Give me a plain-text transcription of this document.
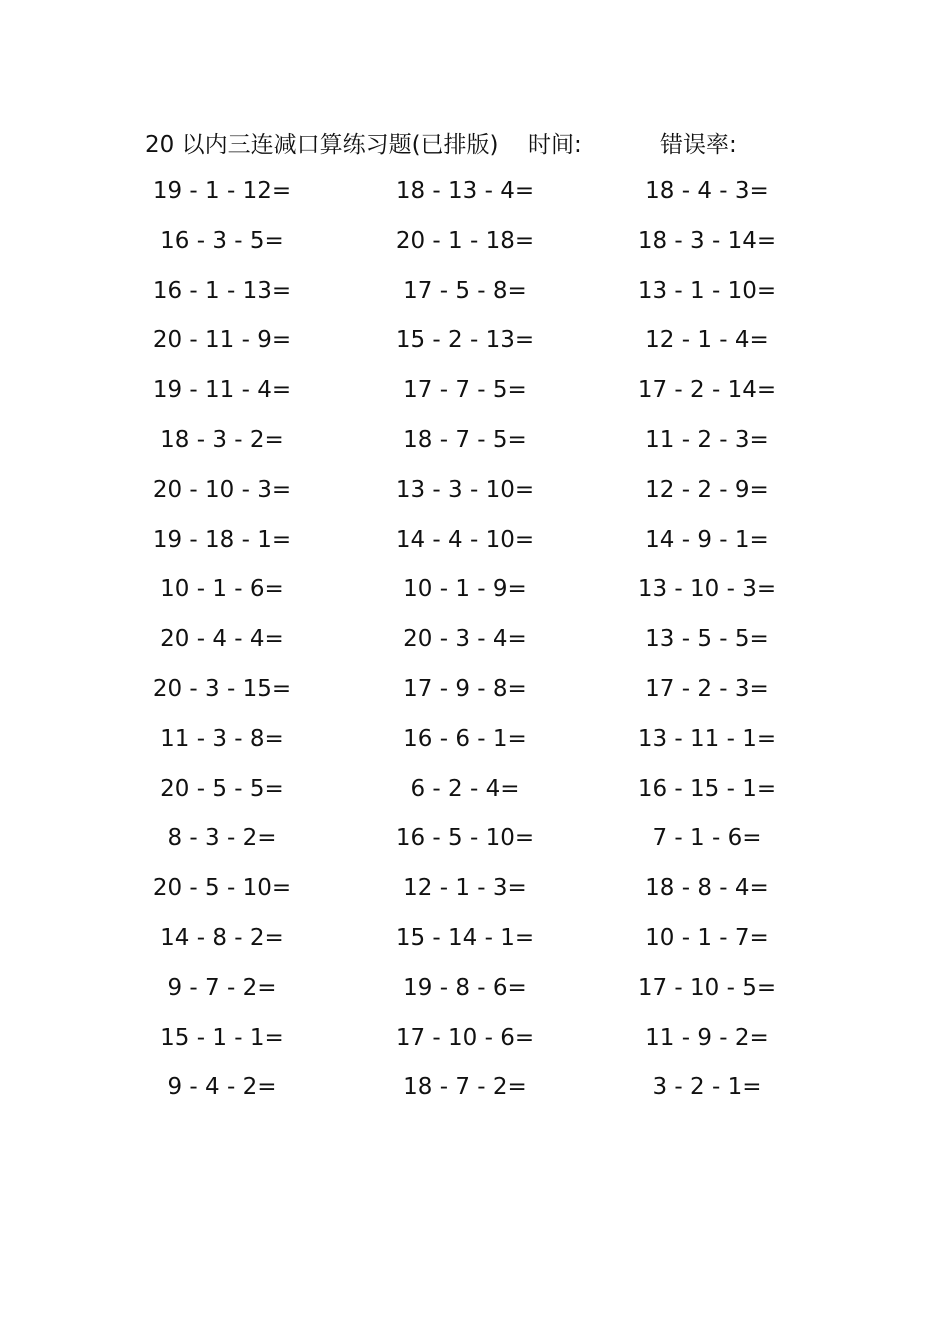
20 以内三连减口算练习题(已排版) 时间:	错误率:
19 - 1 - 12=
16 - 3 - 5=
16 - 1 - 13=
20 - 11 - 9=
19 - 11 - 4=
18 - 3 - 2=
20 - 10 - 3=
19 - 18 - 1=
10 - 1 - 6=
20 - 4 - 4=
20 - 3 - 15=
11 - 3 - 8=
20 - 5 - 5=
8 - 3 - 2=
20 - 5 - 10=
14 - 8 - 2=
9 - 7 - 2=
15 - 1 - 1=
9 - 4 - 2=
18 - 13 - 4=
20 - 1 - 18=
17 - 5 - 8=
15 - 2 - 13=
17 - 7 - 5=
18 - 7 - 5=
13 - 3 - 10=
14 - 4 - 10=
10 - 1 - 9=
20 - 3 - 4=
17 - 9 - 8=
16 - 6 - 1=
6 - 2 - 4=
16 - 5 - 10=
12 - 1 - 3=
15 - 14 - 1=
19 - 8 - 6=
17 - 10 - 6=
18 - 7 - 2=
18 - 4 - 3=
18 - 3 - 14=
13 - 1 - 10=
12 - 1 - 4=
17 - 2 - 14=
11 - 2 - 3=
12 - 2 - 9=
14 - 9 - 1=
13 - 10 - 3=
13 - 5 - 5=
17 - 2 - 3=
13 - 11 - 1=
16 - 15 - 1=
7 - 1 - 6=
18 - 8 - 4=
10 - 1 - 7=
17 - 10 - 5=
11 - 9 - 2=
3 - 2 - 1=
